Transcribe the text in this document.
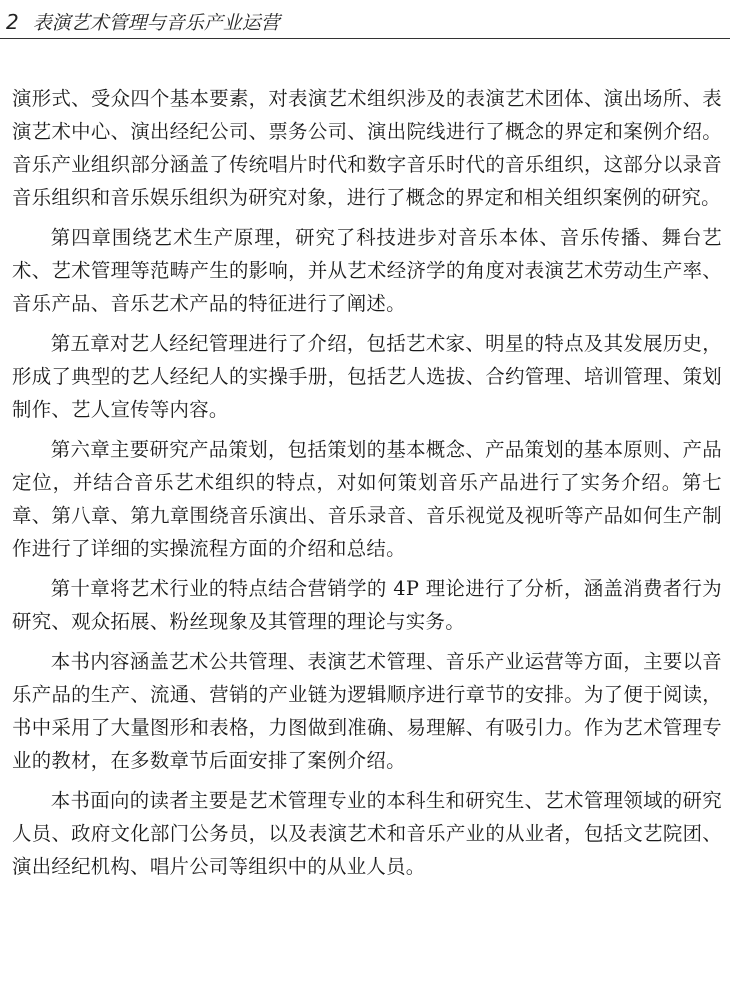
2 表演艺术管理与音乐产业运营

演形式、受众四个基本要素，对表演艺术组织涉及的表演艺术团体、演出场所、表演艺术中心、演出经纪公司、票务公司、演出院线进行了概念的界定和案例介绍。音乐产业组织部分涵盖了传统唱片时代和数字音乐时代的音乐组织，这部分以录音音乐组织和音乐娱乐组织为研究对象，进行了概念的界定和相关组织案例的研究。

第四章围绕艺术生产原理，研究了科技进步对音乐本体、音乐传播、舞台艺术、艺术管理等范畴产生的影响，并从艺术经济学的角度对表演艺术劳动生产率、音乐产品、音乐艺术产品的特征进行了阐述。

第五章对艺人经纪管理进行了介绍，包括艺术家、明星的特点及其发展历史，形成了典型的艺人经纪人的实操手册，包括艺人选拔、合约管理、培训管理、策划制作、艺人宣传等内容。

第六章主要研究产品策划，包括策划的基本概念、产品策划的基本原则、产品定位，并结合音乐艺术组织的特点，对如何策划音乐产品进行了实务介绍。第七章、第八章、第九章围绕音乐演出、音乐录音、音乐视觉及视听等产品如何生产制作进行了详细的实操流程方面的介绍和总结。

第十章将艺术行业的特点结合营销学的 4P 理论进行了分析，涵盖消费者行为研究、观众拓展、粉丝现象及其管理的理论与实务。

本书内容涵盖艺术公共管理、表演艺术管理、音乐产业运营等方面，主要以音乐产品的生产、流通、营销的产业链为逻辑顺序进行章节的安排。为了便于阅读，书中采用了大量图形和表格，力图做到准确、易理解、有吸引力。作为艺术管理专业的教材，在多数章节后面安排了案例介绍。

本书面向的读者主要是艺术管理专业的本科生和研究生、艺术管理领域的研究人员、政府文化部门公务员，以及表演艺术和音乐产业的从业者，包括文艺院团、演出经纪机构、唱片公司等组织中的从业人员。
